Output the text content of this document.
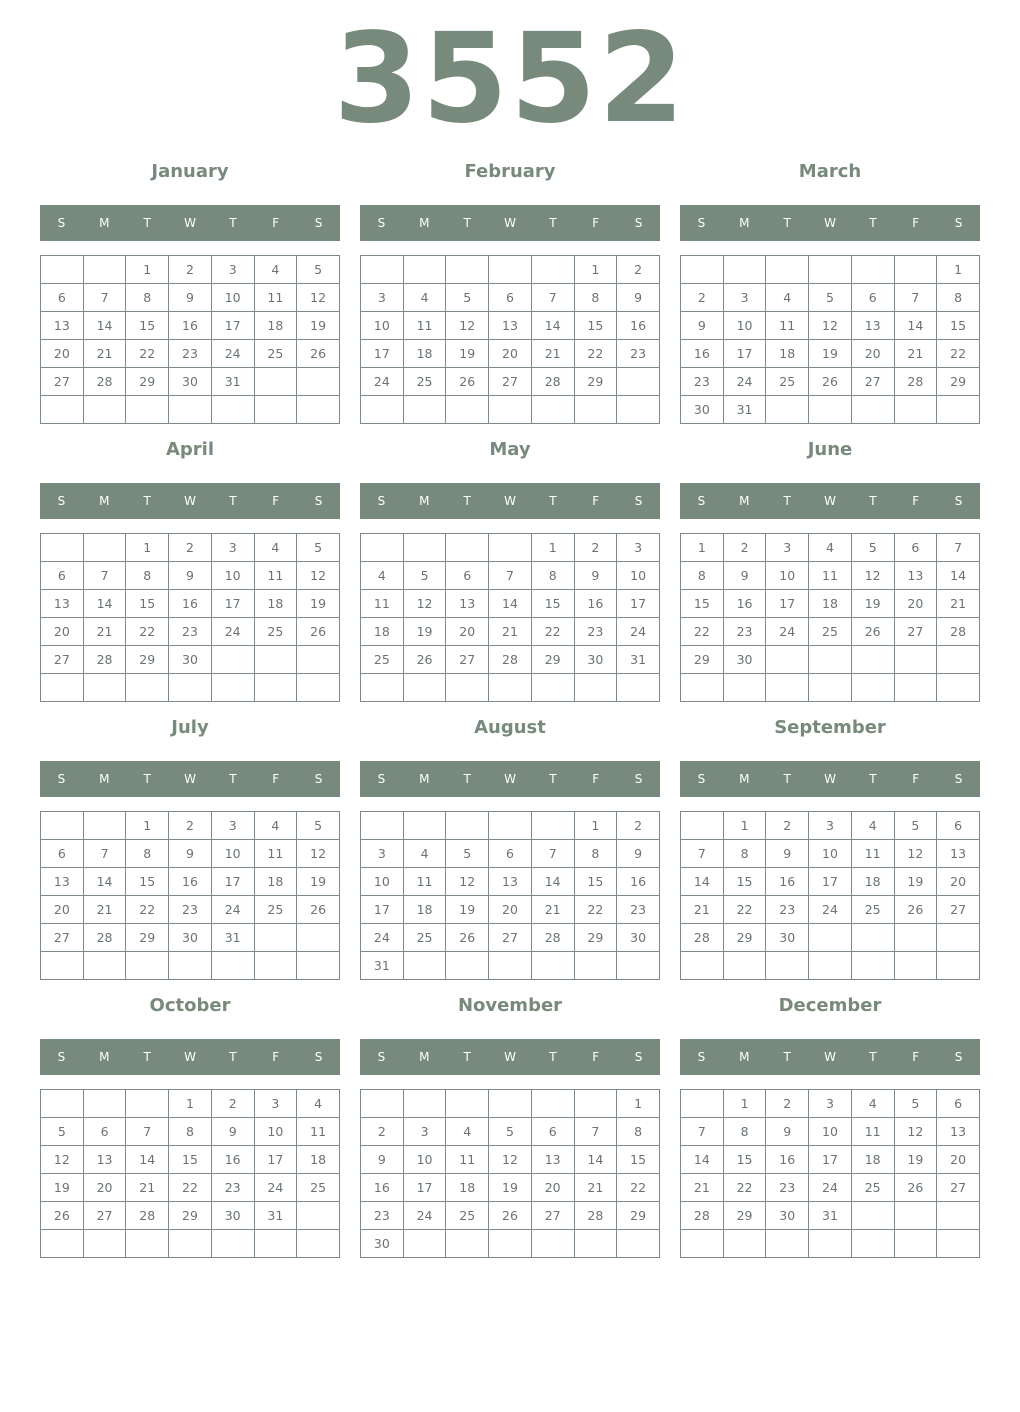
3552
January
S	M	T	W	T	F	S
		1	2	3	4	5
6	7	8	9	10	11	12
13	14	15	16	17	18	19
20	21	22	23	24	25	26
27	28	29	30	31		

February
S	M	T	W	T	F	S
					1	2
3	4	5	6	7	8	9
10	11	12	13	14	15	16
17	18	19	20	21	22	23
24	25	26	27	28	29	

March
S	M	T	W	T	F	S
						1
2	3	4	5	6	7	8
9	10	11	12	13	14	15
16	17	18	19	20	21	22
23	24	25	26	27	28	29
30	31					
April
S	M	T	W	T	F	S
		1	2	3	4	5
6	7	8	9	10	11	12
13	14	15	16	17	18	19
20	21	22	23	24	25	26
27	28	29	30			

May
S	M	T	W	T	F	S
				1	2	3
4	5	6	7	8	9	10
11	12	13	14	15	16	17
18	19	20	21	22	23	24
25	26	27	28	29	30	31

June
S	M	T	W	T	F	S
1	2	3	4	5	6	7
8	9	10	11	12	13	14
15	16	17	18	19	20	21
22	23	24	25	26	27	28
29	30					

July
S	M	T	W	T	F	S
		1	2	3	4	5
6	7	8	9	10	11	12
13	14	15	16	17	18	19
20	21	22	23	24	25	26
27	28	29	30	31		

August
S	M	T	W	T	F	S
					1	2
3	4	5	6	7	8	9
10	11	12	13	14	15	16
17	18	19	20	21	22	23
24	25	26	27	28	29	30
31						
September
S	M	T	W	T	F	S
	1	2	3	4	5	6
7	8	9	10	11	12	13
14	15	16	17	18	19	20
21	22	23	24	25	26	27
28	29	30				

October
S	M	T	W	T	F	S
			1	2	3	4
5	6	7	8	9	10	11
12	13	14	15	16	17	18
19	20	21	22	23	24	25
26	27	28	29	30	31	

November
S	M	T	W	T	F	S
						1
2	3	4	5	6	7	8
9	10	11	12	13	14	15
16	17	18	19	20	21	22
23	24	25	26	27	28	29
30						
December
S	M	T	W	T	F	S
	1	2	3	4	5	6
7	8	9	10	11	12	13
14	15	16	17	18	19	20
21	22	23	24	25	26	27
28	29	30	31			
